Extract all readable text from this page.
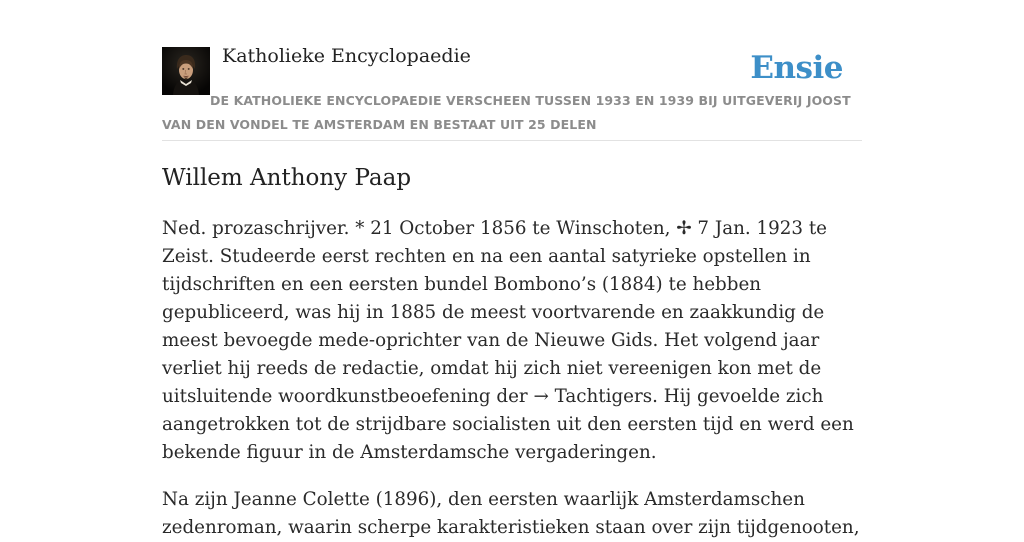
Katholieke Encyclopaedie	Ensie
DE KATHOLIEKE ENCYCLOPAEDIE VERSCHEEN TUSSEN 1933 EN 1939 BIJ UITGEVERIJ JOOST VAN DEN VONDEL TE AMSTERDAM EN BESTAAT UIT 25 DELEN
Willem Anthony Paap

Ned. prozaschrijver. * 21 October 1856 te Winschoten, ✢ 7 Jan. 1923 te Zeist. Studeerde eerst rechten en na een aantal satyrieke opstellen in tijdschriften en een eersten bundel Bombono’s (1884) te hebben gepubliceerd, was hij in 1885 de meest voortvarende en zaakkundig de meest bevoegde mede-oprichter van de Nieuwe Gids. Het volgend jaar verliet hij reeds de redactie, omdat hij zich niet vereenigen kon met de uitsluitende woordkunstbeoefening der → Tachtigers. Hij gevoelde zich aangetrokken tot de strijdbare socialisten uit den eersten tijd en werd een bekende figuur in de Amsterdamsche vergaderingen.

Na zijn Jeanne Colette (1896), den eersten waarlijk Amsterdamschen zedenroman, waarin scherpe karakteristieken staan over zijn tijdgenooten,
